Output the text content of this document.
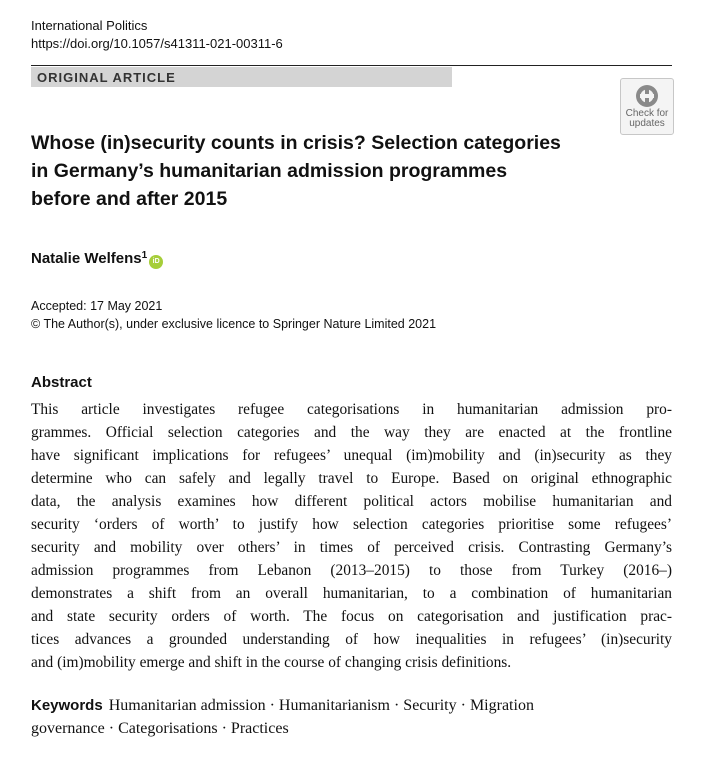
International Politics
https://doi.org/10.1057/s41311-021-00311-6
ORIGINAL ARTICLE
Check for
updates
Whose (in)security counts in crisis? Selection categories
in Germany’s humanitarian admission programmes
before and after 2015
Natalie Welfens$^1$iD
Accepted: 17 May 2021
© The Author(s), under exclusive licence to Springer Nature Limited 2021
Abstract
This article investigates refugee categorisations in humanitarian admission pro-
grammes. Official selection categories and the way they are enacted at the frontline
have significant implications for refugees’ unequal (im)mobility and (in)security as they
determine who can safely and legally travel to Europe. Based on original ethnographic
data, the analysis examines how different political actors mobilise humanitarian and
security ‘orders of worth’ to justify how selection categories prioritise some refugees’
security and mobility over others’ in times of perceived crisis. Contrasting Germany’s
admission programmes from Lebanon (2013–2015) to those from Turkey (2016–)
demonstrates a shift from an overall humanitarian, to a combination of humanitarian
and state security orders of worth. The focus on categorisation and justification prac-
tices advances a grounded understanding of how inequalities in refugees’ (in)security
and (im)mobility emerge and shift in the course of changing crisis definitions.
Keywords Humanitarian admission · Humanitarianism · Security · Migration
governance · Categorisations · Practices
